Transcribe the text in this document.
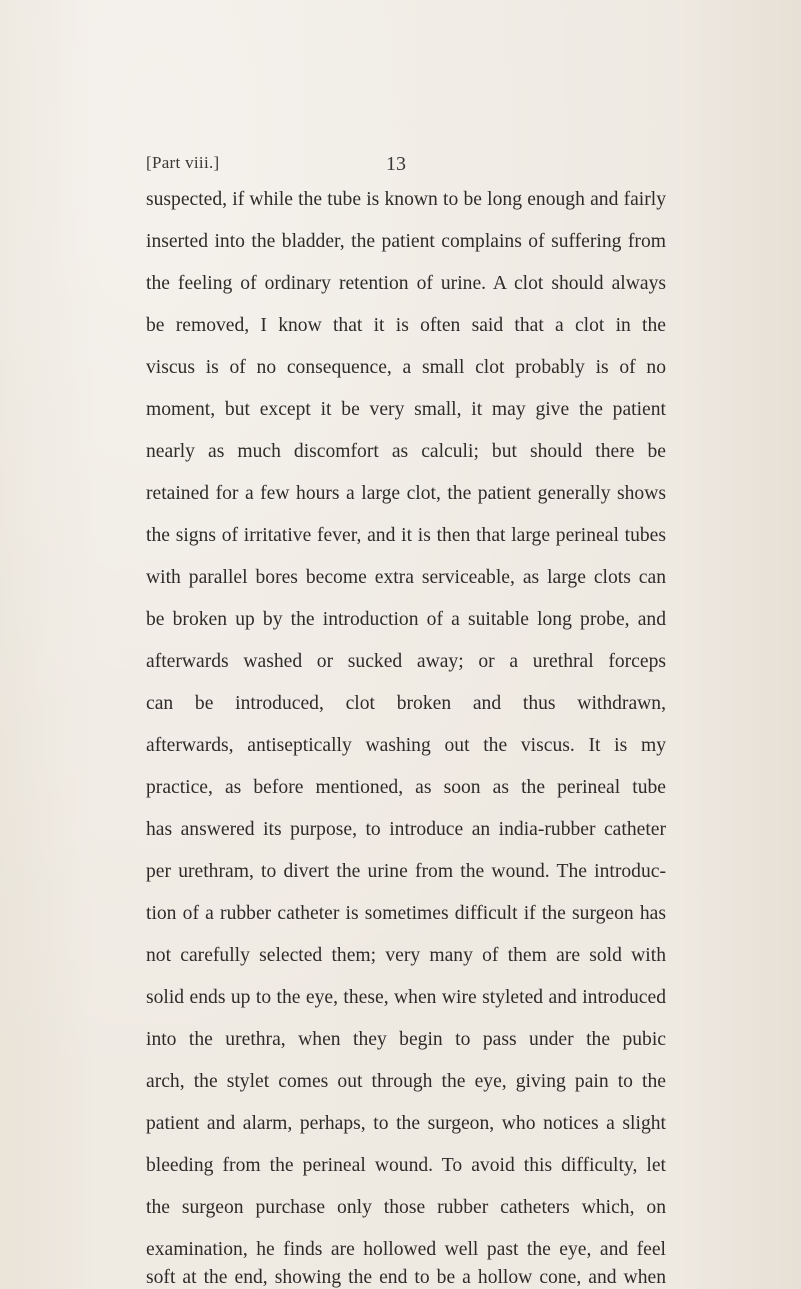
[Part viii.]	13
suspected, if while the tube is known to be long enough and fairly
inserted into the bladder, the patient complains of suffering from
the feeling of ordinary retention of urine. A clot should always
be removed, I know that it is often said that a clot in the
viscus is of no consequence, a small clot probably is of no
moment, but except it be very small, it may give the patient
nearly as much discomfort as calculi; but should there be
retained for a few hours a large clot, the patient generally shows
the signs of irritative fever, and it is then that large perineal tubes
with parallel bores become extra serviceable, as large clots can
be broken up by the introduction of a suitable long probe, and
afterwards washed or sucked away; or a urethral forceps
can be introduced, clot broken and thus withdrawn,
afterwards, antiseptically washing out the viscus. It is my
practice, as before mentioned, as soon as the perineal tube
has answered its purpose, to introduce an india-rubber catheter
per urethram, to divert the urine from the wound. The introduc-
tion of a rubber catheter is sometimes difficult if the surgeon has
not carefully selected them; very many of them are sold with
solid ends up to the eye, these, when wire styleted and introduced
into the urethra, when they begin to pass under the pubic
arch, the stylet comes out through the eye, giving pain to the
patient and alarm, perhaps, to the surgeon, who notices a slight
bleeding from the perineal wound. To avoid this difficulty, let
the surgeon purchase only those rubber catheters which, on
examination, he finds are hollowed well past the eye, and feel
soft at the end, showing the end to be a hollow cone, and when
